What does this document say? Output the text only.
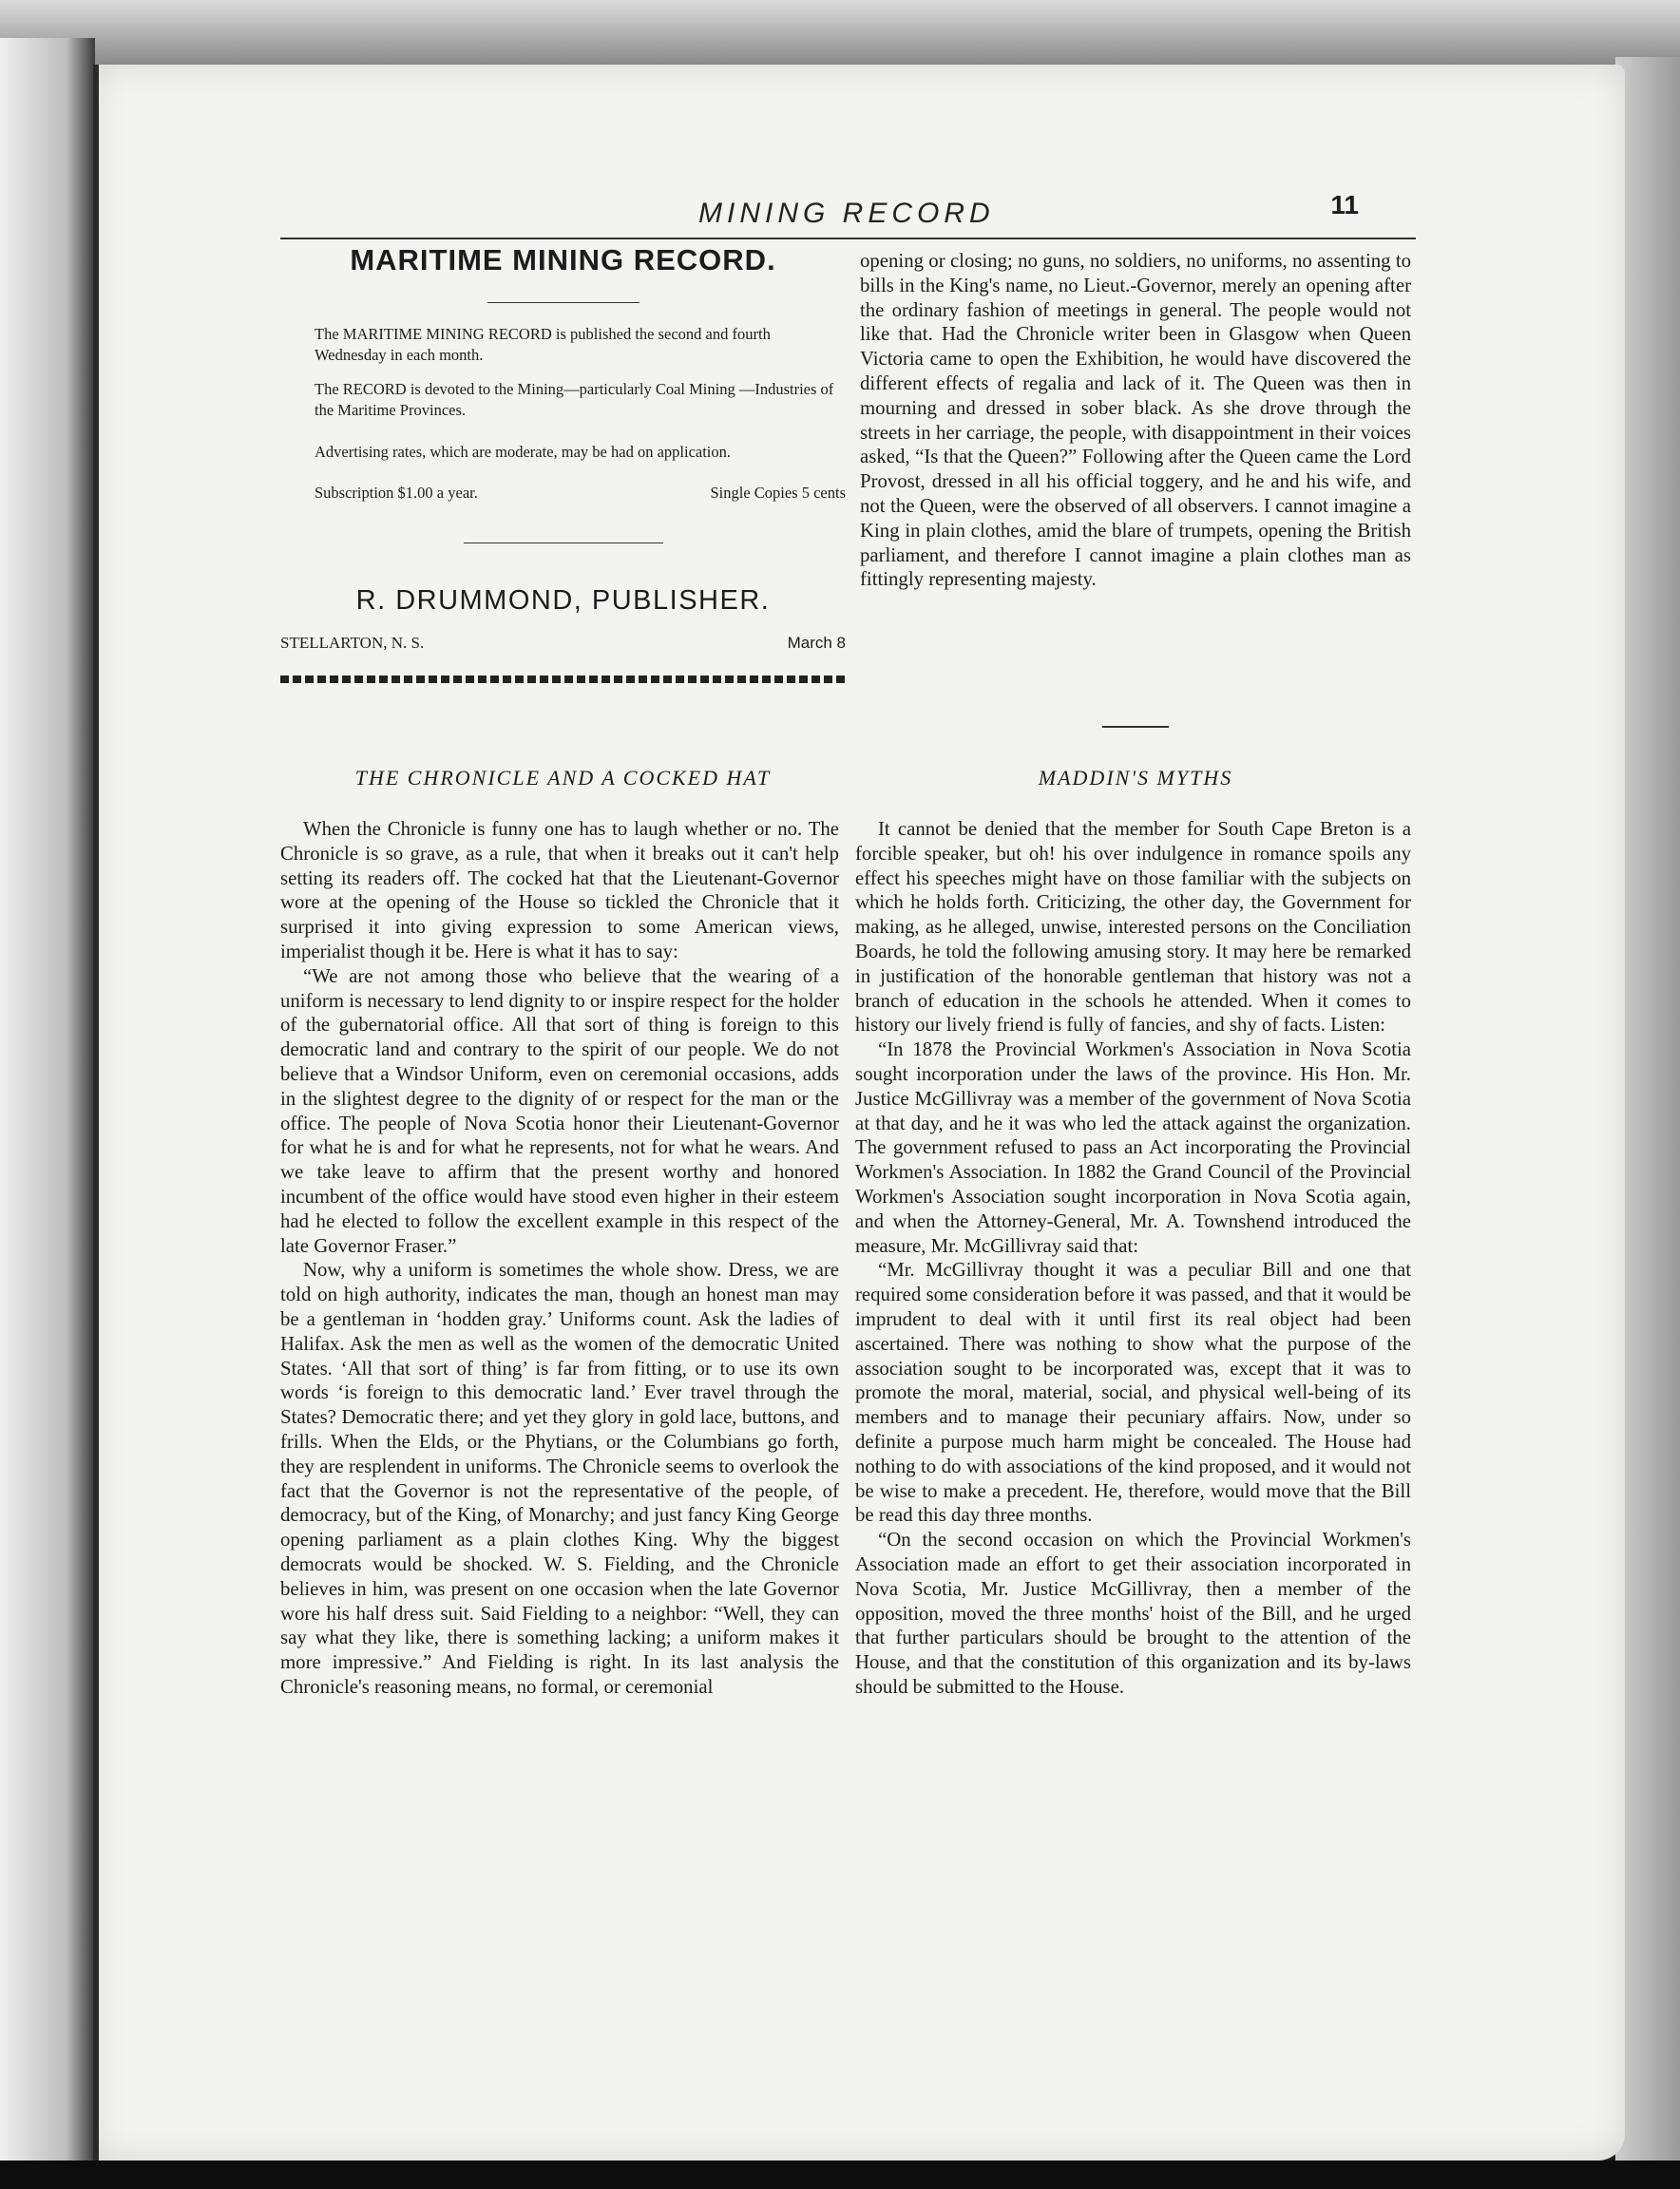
MINING RECORD	11
MARITIME MINING RECORD.
The MARITIME MINING RECORD is published the second and fourth Wednesday in each month.
The RECORD is devoted to the Mining—particularly Coal Mining —Industries of the Maritime Provinces.
Advertising rates, which are moderate, may be had on application.
Subscription $1.00 a year.	Single Copies 5 cents
R. DRUMMOND, PUBLISHER.
STELLARTON, N. S.	March 8

opening or closing; no guns, no soldiers, no uniforms, no assenting to bills in the King's name, no Lieut.-Governor, merely an opening after the ordinary fashion of meetings in general. The people would not like that. Had the Chronicle writer been in Glasgow when Queen Victoria came to open the Exhibition, he would have discovered the different effects of regalia and lack of it. The Queen was then in mourning and dressed in sober black. As she drove through the streets in her carriage, the people, with disappointment in their voices asked, “Is that the Queen?” Following after the Queen came the Lord Provost, dressed in all his official toggery, and he and his wife, and not the Queen, were the observed of all observers. I cannot imagine a King in plain clothes, amid the blare of trumpets, opening the British parliament, and therefore I cannot imagine a plain clothes man as fittingly representing majesty.

THE CHRONICLE AND A COCKED HAT

When the Chronicle is funny one has to laugh whether or no. The Chronicle is so grave, as a rule, that when it breaks out it can't help setting its readers off. The cocked hat that the Lieutenant-Governor wore at the opening of the House so tickled the Chronicle that it surprised it into giving expression to some American views, imperialist though it be. Here is what it has to say:

“We are not among those who believe that the wearing of a uniform is necessary to lend dignity to or inspire respect for the holder of the gubernatorial office. All that sort of thing is foreign to this democratic land and contrary to the spirit of our people. We do not believe that a Windsor Uniform, even on ceremonial occasions, adds in the slightest degree to the dignity of or respect for the man or the office. The people of Nova Scotia honor their Lieutenant-Governor for what he is and for what he represents, not for what he wears. And we take leave to affirm that the present worthy and honored incumbent of the office would have stood even higher in their esteem had he elected to follow the excellent example in this respect of the late Governor Fraser.”

Now, why a uniform is sometimes the whole show. Dress, we are told on high authority, indicates the man, though an honest man may be a gentleman in ‘hodden gray.’ Uniforms count. Ask the ladies of Halifax. Ask the men as well as the women of the democratic United States. ‘All that sort of thing’ is far from fitting, or to use its own words ‘is foreign to this democratic land.’ Ever travel through the States? Democratic there; and yet they glory in gold lace, buttons, and frills. When the Elds, or the Phytians, or the Columbians go forth, they are resplendent in uniforms. The Chronicle seems to overlook the fact that the Governor is not the representative of the people, of democracy, but of the King, of Monarchy; and just fancy King George opening parliament as a plain clothes King. Why the biggest democrats would be shocked. W. S. Fielding, and the Chronicle believes in him, was present on one occasion when the late Governor wore his half dress suit. Said Fielding to a neighbor: “Well, they can say what they like, there is something lacking; a uniform makes it more impressive.” And Fielding is right. In its last analysis the Chronicle's reasoning means, no formal, or ceremonial

MADDIN'S MYTHS

It cannot be denied that the member for South Cape Breton is a forcible speaker, but oh! his over indulgence in romance spoils any effect his speeches might have on those familiar with the subjects on which he holds forth. Criticizing, the other day, the Government for making, as he alleged, unwise, interested persons on the Conciliation Boards, he told the following amusing story. It may here be remarked in justification of the honorable gentleman that history was not a branch of education in the schools he attended. When it comes to history our lively friend is fully of fancies, and shy of facts. Listen:

“In 1878 the Provincial Workmen's Association in Nova Scotia sought incorporation under the laws of the province. His Hon. Mr. Justice McGillivray was a member of the government of Nova Scotia at that day, and he it was who led the attack against the organization. The government refused to pass an Act incorporating the Provincial Workmen's Association. In 1882 the Grand Council of the Provincial Workmen's Association sought incorporation in Nova Scotia again, and when the Attorney-General, Mr. A. Townshend introduced the measure, Mr. McGillivray said that:

“Mr. McGillivray thought it was a peculiar Bill and one that required some consideration before it was passed, and that it would be imprudent to deal with it until first its real object had been ascertained. There was nothing to show what the purpose of the association sought to be incorporated was, except that it was to promote the moral, material, social, and physical well-being of its members and to manage their pecuniary affairs. Now, under so definite a purpose much harm might be concealed. The House had nothing to do with associations of the kind proposed, and it would not be wise to make a precedent. He, therefore, would move that the Bill be read this day three months.

“On the second occasion on which the Provincial Workmen's Association made an effort to get their association incorporated in Nova Scotia, Mr. Justice McGillivray, then a member of the opposition, moved the three months' hoist of the Bill, and he urged that further particulars should be brought to the attention of the House, and that the constitution of this organization and its by-laws should be submitted to the House.
